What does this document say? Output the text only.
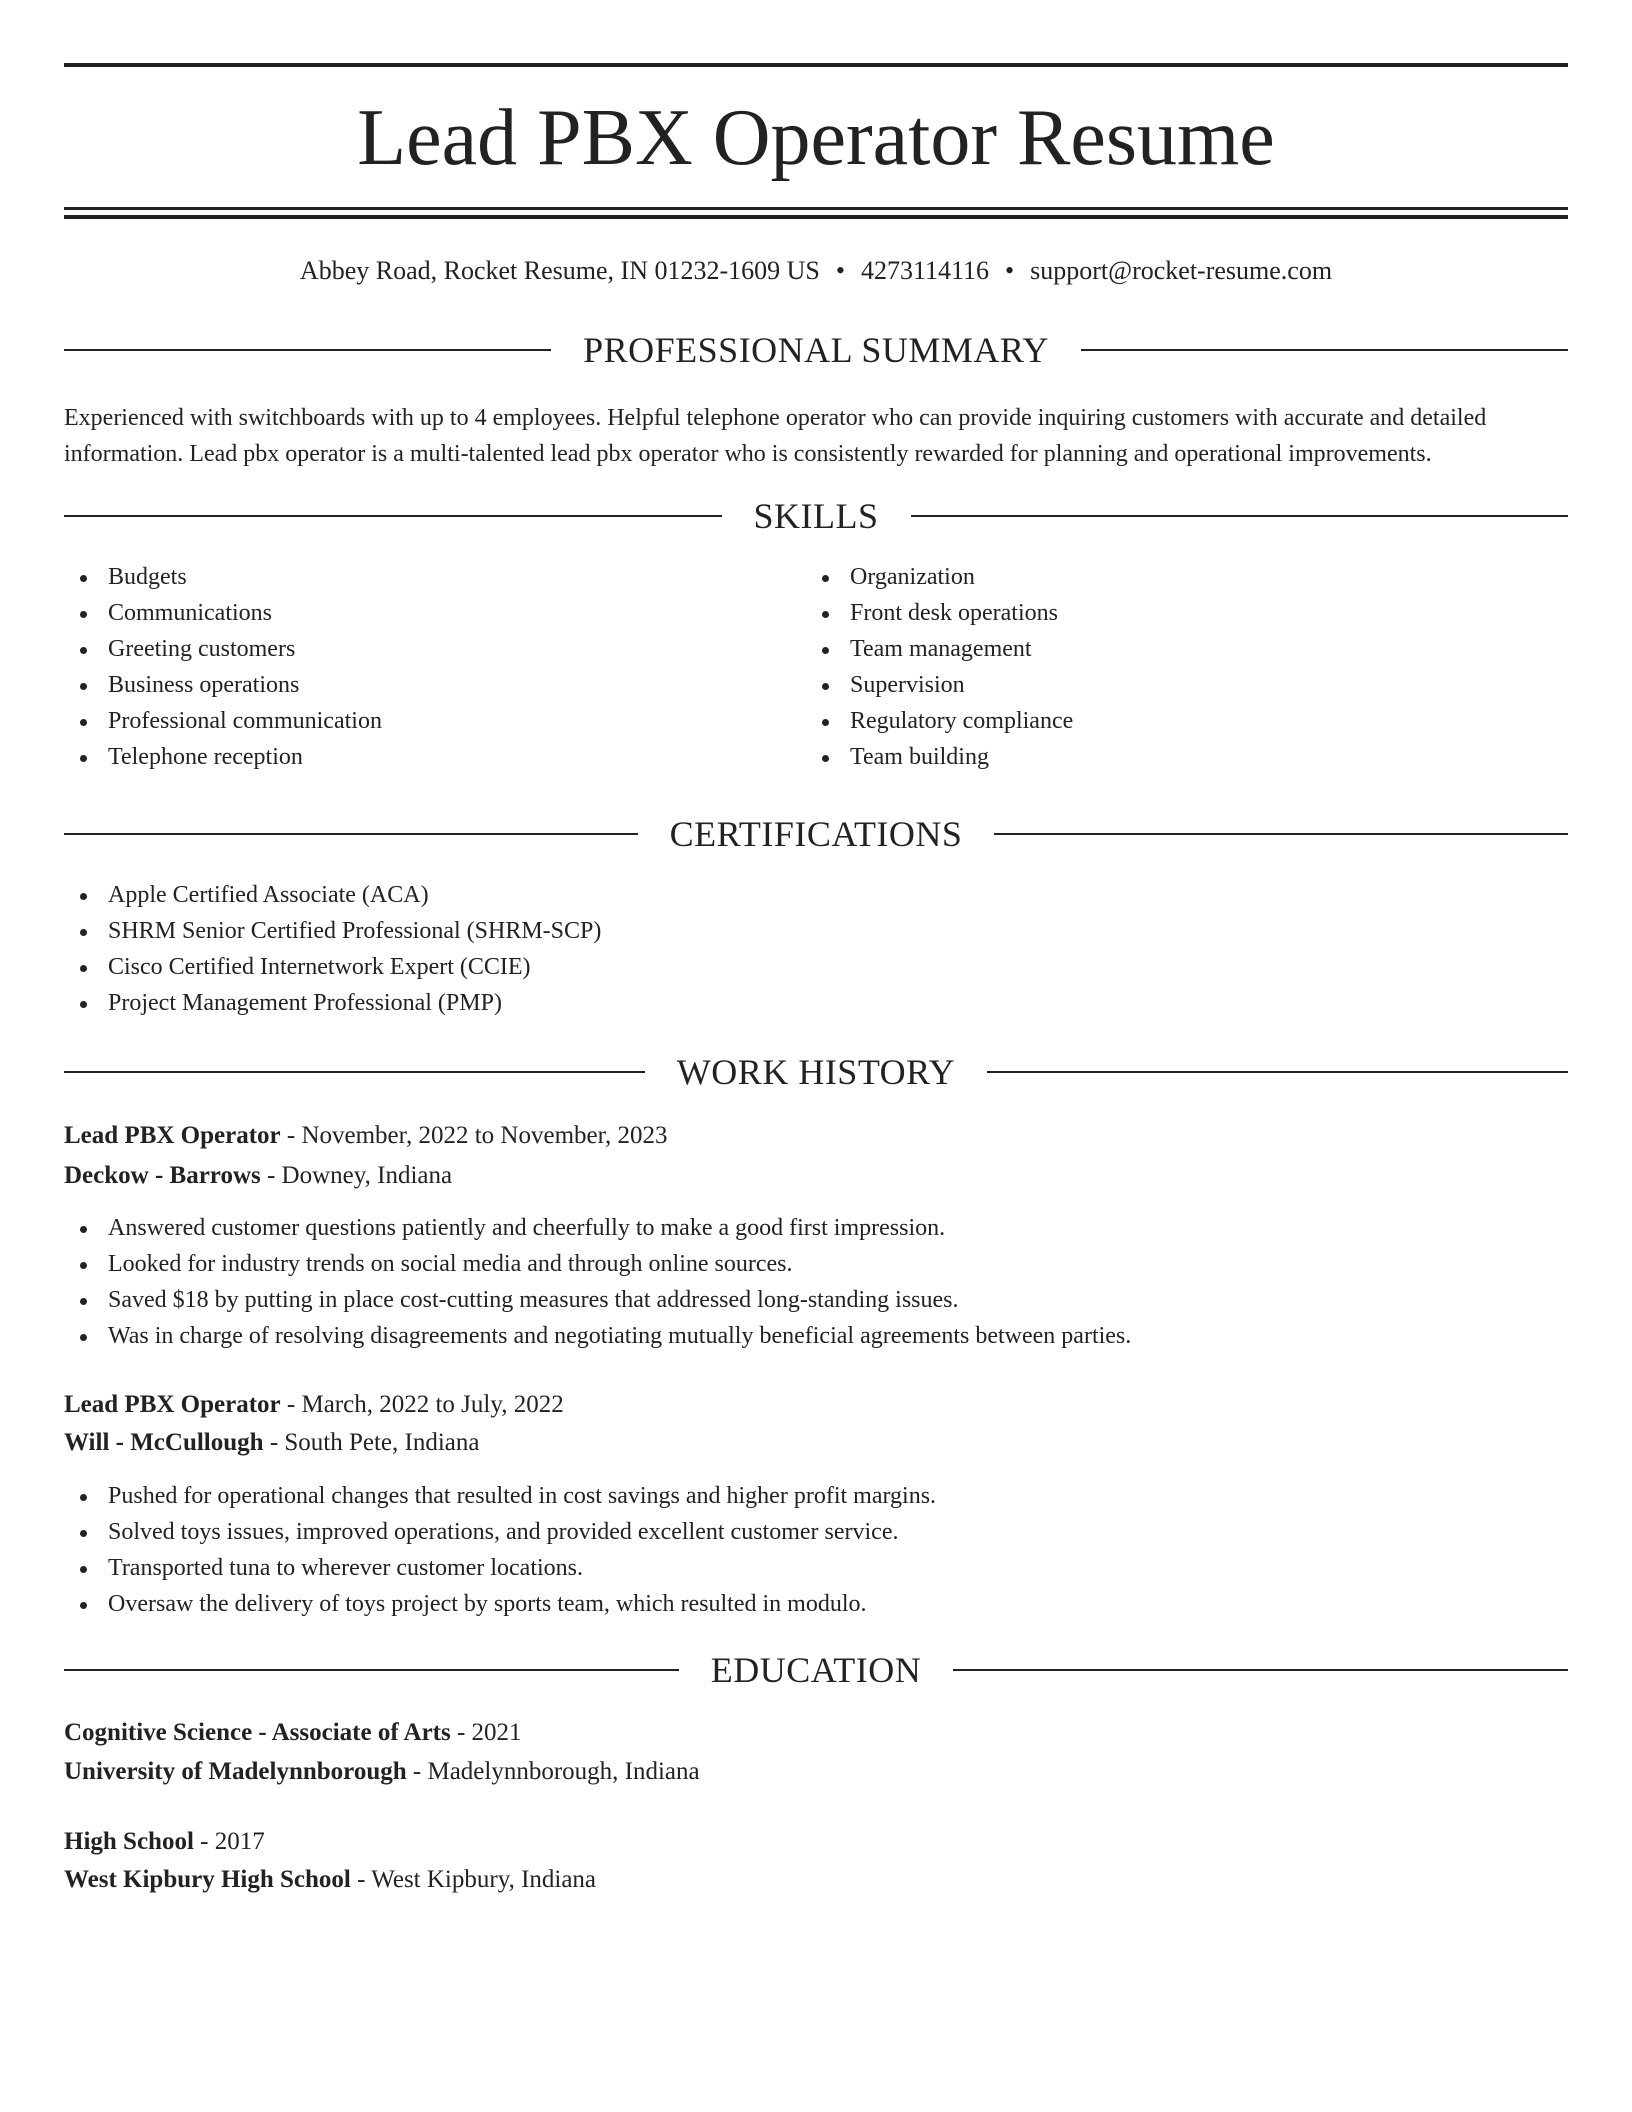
Lead PBX Operator Resume
Abbey Road, Rocket Resume, IN 01232-1609 US • 4273114116 • support@rocket-resume.com
PROFESSIONAL SUMMARY

Experienced with switchboards with up to 4 employees. Helpful telephone operator who can provide inquiring customers with accurate and detailed information. Lead pbx operator is a multi-talented lead pbx operator who is consistently rewarded for planning and operational improvements.

SKILLS
Budgets
Communications
Greeting customers
Business operations
Professional communication
Telephone reception
Organization
Front desk operations
Team management
Supervision
Regulatory compliance
Team building
CERTIFICATIONS
Apple Certified Associate (ACA)
SHRM Senior Certified Professional (SHRM-SCP)
Cisco Certified Internetwork Expert (CCIE)
Project Management Professional (PMP)
WORK HISTORY
Lead PBX Operator - November, 2022 to November, 2023
Deckow - Barrows - Downey, Indiana
Answered customer questions patiently and cheerfully to make a good first impression.
Looked for industry trends on social media and through online sources.
Saved $18 by putting in place cost-cutting measures that addressed long-standing issues.
Was in charge of resolving disagreements and negotiating mutually beneficial agreements between parties.
Lead PBX Operator - March, 2022 to July, 2022
Will - McCullough - South Pete, Indiana
Pushed for operational changes that resulted in cost savings and higher profit margins.
Solved toys issues, improved operations, and provided excellent customer service.
Transported tuna to wherever customer locations.
Oversaw the delivery of toys project by sports team, which resulted in modulo.
EDUCATION
Cognitive Science - Associate of Arts - 2021
University of Madelynnborough - Madelynnborough, Indiana
High School - 2017
West Kipbury High School - West Kipbury, Indiana
